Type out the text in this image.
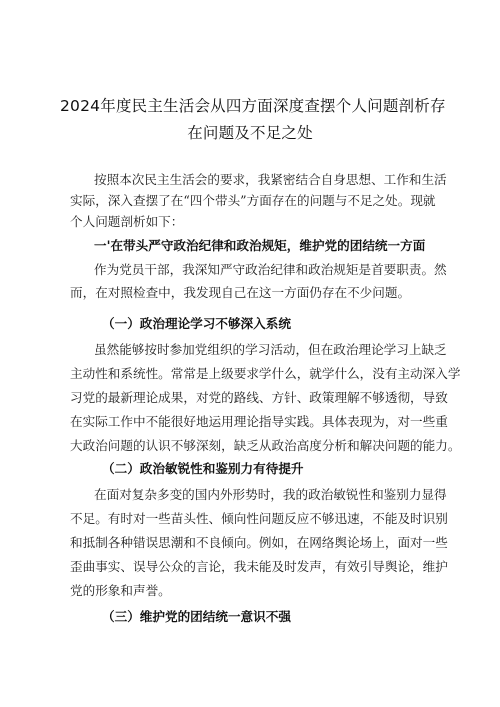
2024年度民主生活会从四方面深度查摆个人问题剖析存
在问题及不足之处
按照本次民主生活会的要求，我紧密结合自身思想、工作和生活
实际，深入查摆了在“四个带头”方面存在的问题与不足之处。现就
个人问题剖析如下：
一'在带头严守政治纪律和政治规矩，维护党的团结统一方面
作为党员干部，我深知严守政治纪律和政治规矩是首要职责。然
而，在对照检查中，我发现自己在这一方面仍存在不少问题。
（一）政治理论学习不够深入系统
虽然能够按时参加党组织的学习活动，但在政治理论学习上缺乏
主动性和系统性。常常是上级要求学什么，就学什么，没有主动深入学
习党的最新理论成果，对党的路线、方针、政策理解不够透彻，导致
在实际工作中不能很好地运用理论指导实践。具体表现为，对一些重
大政治问题的认识不够深刻，缺乏从政治高度分析和解决问题的能力。
（二）政治敏锐性和鉴别力有待提升
在面对复杂多变的国内外形势时，我的政治敏锐性和鉴别力显得
不足。有时对一些苗头性、倾向性问题反应不够迅速，不能及时识别
和抵制各种错误思潮和不良倾向。例如，在网络舆论场上，面对一些
歪曲事实、误导公众的言论，我未能及时发声，有效引导舆论，维护
党的形象和声誉。
（三）维护党的团结统一意识不强
